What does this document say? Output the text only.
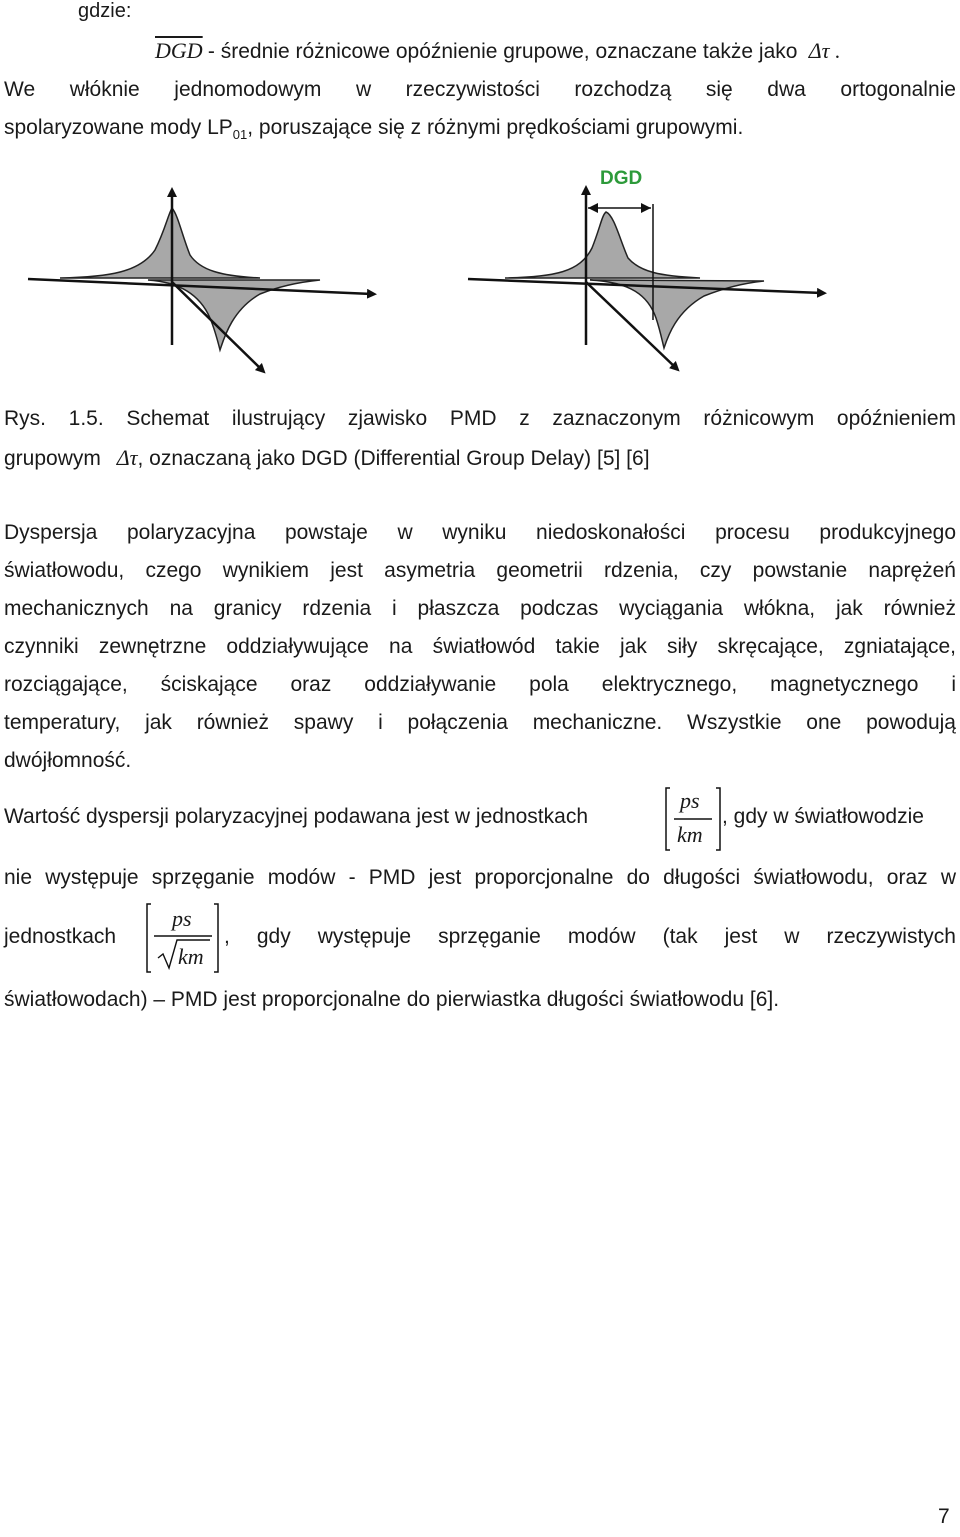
gdzie:
$\overline{DGD}$ - średnie różnicowe opóźnienie grupowe, oznaczane także jako Δτ .
We włóknie jednomodowym w rzeczywistości rozchodzą się dwa ortogonalnie
spolaryzowane mody $LP_{01}$, poruszające się z różnymi prędkościami grupowymi.
DGD
Rys. 1.5. Schemat ilustrujący zjawisko PMD z zaznaczonym różnicowym opóźnieniem
grupowym Δτ, oznaczaną jako DGD (Differential Group Delay) [5] [6]
Dyspersja polaryzacyjna powstaje w wyniku niedoskonałości procesu produkcyjnego
światłowodu, czego wynikiem jest asymetria geometrii rdzenia, czy powstanie naprężeń
mechanicznych na granicy rdzenia i płaszcza podczas wyciągania włókna, jak również
czynniki zewnętrzne oddziaływujące na światłowód takie jak siły skręcające, zgniatające,
rozciągające, ściskające oraz oddziaływanie pola elektrycznego, magnetycznego i
temperatury, jak również spawy i połączenia mechaniczne. Wszystkie one powodują
dwójłomność.
Wartość dyspersji polaryzacyjnej podawana jest w jednostkach
ps
km
, gdy w światłowodzie
nie występuje sprzęganie modów - PMD jest proporcjonalne do długości światłowodu, oraz w
jednostkach
ps
km
, gdy występuje sprzęganie modów (tak jest w rzeczywistych
światłowodach) – PMD jest proporcjonalne do pierwiastka długości światłowodu [6].
7
